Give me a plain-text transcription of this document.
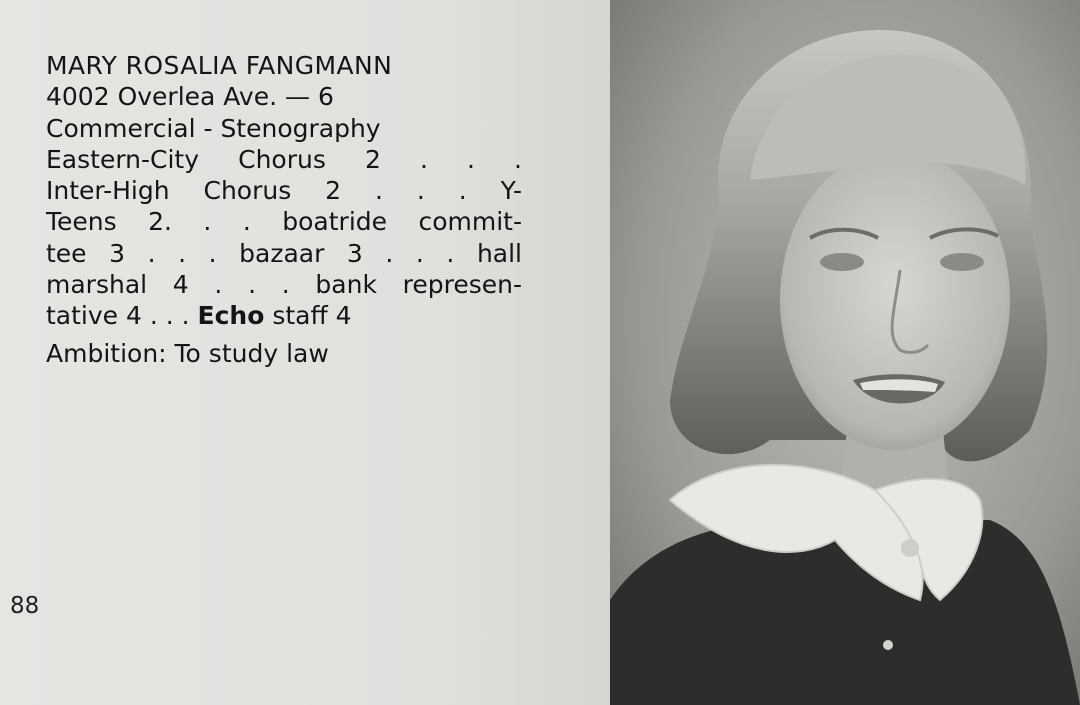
MARY ROSALIA FANGMANN
4002 Overlea Ave. — 6
Commercial - Stenography
Eastern-City Chorus 2 . . .
Inter-High Chorus 2 . . . Y-
Teens 2. . . boatride commit-
tee 3 . . . bazaar 3 . . . hall
marshal 4 . . . bank represen-
tative 4 . . . Echo staff 4
Ambition: To study law
88
